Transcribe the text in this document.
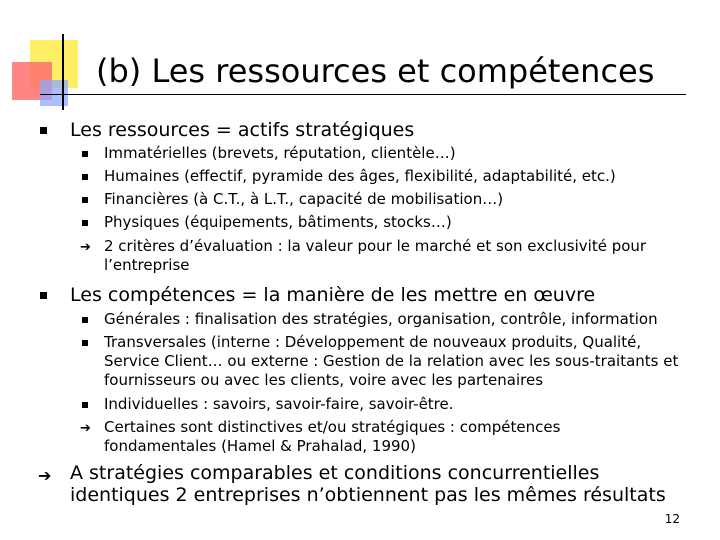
(b) Les ressources et compétences
Les ressources = actifs stratégiques
Immatérielles (brevets, réputation, clientèle…)
Humaines (effectif, pyramide des âges, flexibilité, adaptabilité, etc.)
Financières (à C.T., à L.T., capacité de mobilisation…)
Physiques (équipements, bâtiments, stocks…)
➔ 2 critères d’évaluation : la valeur pour le marché et son exclusivité pour l’entreprise
Les compétences = la manière de les mettre en œuvre
Générales : finalisation des stratégies, organisation, contrôle, information
Transversales (interne : Développement de nouveaux produits, Qualité, Service Client… ou externe : Gestion de la relation avec les sous-traitants et fournisseurs ou avec les clients, voire avec les partenaires
Individuelles : savoirs, savoir-faire, savoir-être.
➔ Certaines sont distinctives et/ou stratégiques : compétences fondamentales (Hamel & Prahalad, 1990)
➔ A stratégies comparables et conditions concurrentielles identiques 2 entreprises n’obtiennent pas les mêmes résultats
12
